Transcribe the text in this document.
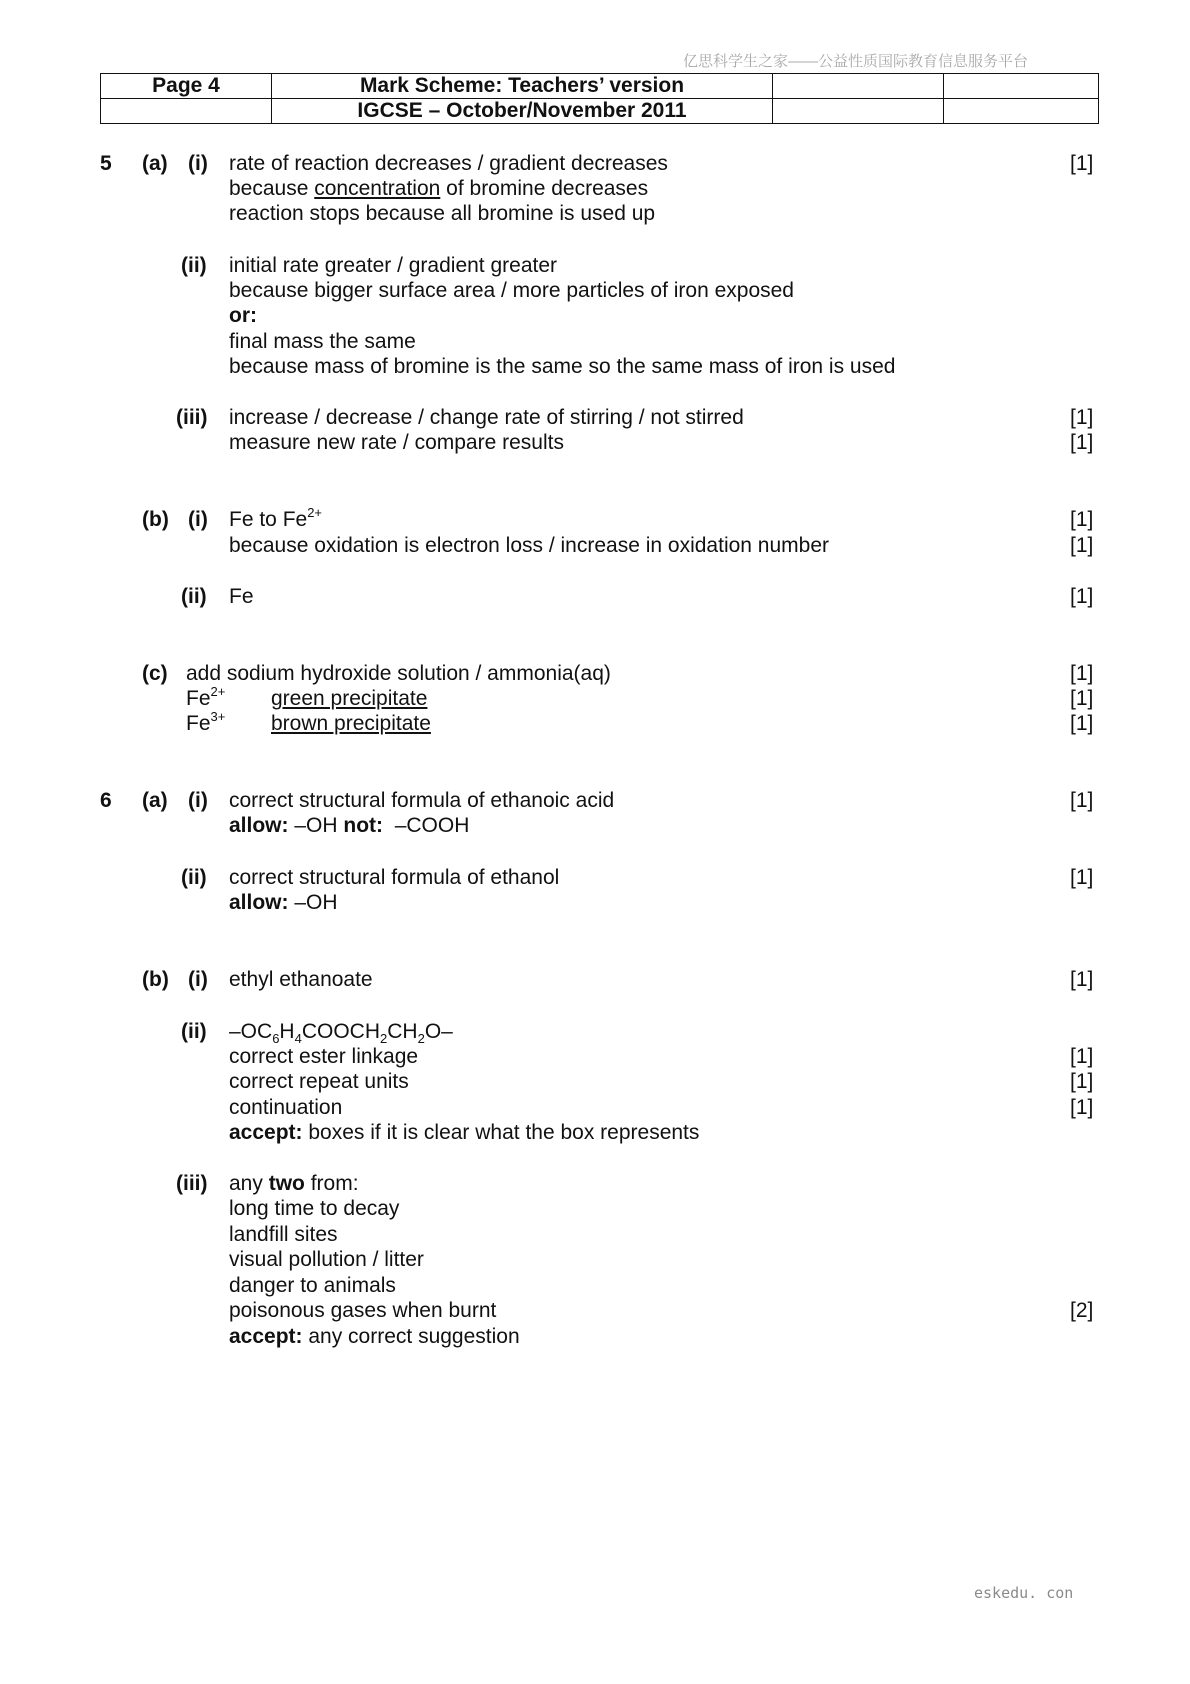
亿思科学生之家——公益性质国际教育信息服务平台
Page 4	Mark Scheme: Teachers’ version		
	IGCSE – October/November 2011		
5 (a) (i) rate of reaction decreases / gradient decreases	[1]
because concentration of bromine decreases
reaction stops because all bromine is used up
(ii) initial rate greater / gradient greater
because bigger surface area / more particles of iron exposed
or:
final mass the same
because mass of bromine is the same so the same mass of iron is used
(iii) increase / decrease / change rate of stirring / not stirred	[1]
measure new rate / compare results	[1]
(b) (i) Fe to $Fe^{2+}$	[1]
because oxidation is electron loss / increase in oxidation number	[1]
(ii) Fe	[1]
(c) add sodium hydroxide solution / ammonia(aq)	[1]
$Fe^{2+}$ green precipitate	[1]
$Fe^{3+}$ brown precipitate	[1]
6 (a) (i) correct structural formula of ethanoic acid	[1]
allow: –OH not:  –COOH
(ii) correct structural formula of ethanol	[1]
allow: –OH
(b) (i) ethyl ethanoate	[1]
(ii) $-OC_6H_4COOCH_2CH_2O-$
correct ester linkage	[1]
correct repeat units	[1]
continuation	[1]
accept: boxes if it is clear what the box represents
(iii) any two from:
long time to decay
landfill sites
visual pollution / litter
danger to animals
poisonous gases when burnt	[2]
accept: any correct suggestion
eskedu. con
